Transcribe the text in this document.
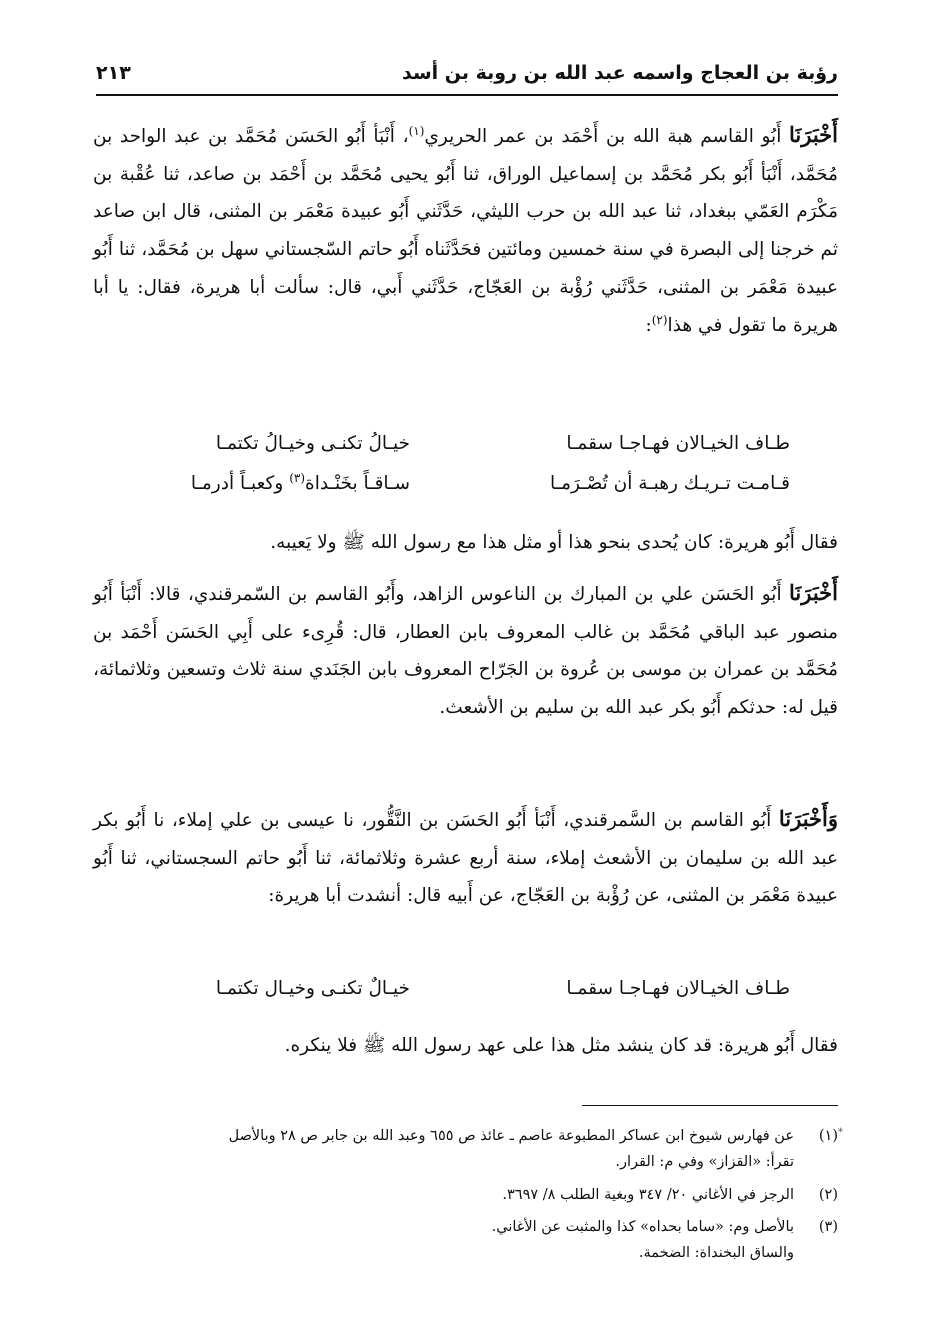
رؤبة بن العجاج واسمه عبد الله بن روبة بن أسد
٢١٣
أَخْبَرَنَا أَبُو القاسم هبة الله بن أَحْمَد بن عمر الحريري$^{(١)}$، أَنْبَأ أَبُو الحَسَن مُحَمَّد بن عبد الواحد بن مُحَمَّد، أَنْبَأ أَبُو بكر مُحَمَّد بن إسماعيل الوراق، ثنا أَبُو يحيى مُحَمَّد بن أَحْمَد بن صاعد، ثنا عُقْبة بن مَكْرَم العَمّي ببغداد، ثنا عبد الله بن حرب الليثي، حَدَّثَني أَبُو عبيدة مَعْمَر بن المثنى، قال ابن صاعد ثم خرجنا إلى البصرة في سنة خمسين ومائتين فحَدَّثَناه أَبُو حاتم السّجستاني سهل بن مُحَمَّد، ثنا أَبُو عبيدة مَعْمَر بن المثنى، حَدَّثَني رُؤْبة بن العَجّاج، حَدَّثَني أَبي، قال: سألت أبا هريرة، فقال: يا أبا هريرة ما تقول في هذا$^{(٢)}$:
طـاف الخيـالان فهـاجـا سقمـا
خيـالُ تكنـى وخيـالُ تكتمـا
قـامـت تـريـك رهبـة أن تُصْـرَمـا
سـاقـاً بخَنْـداة$^{(٣)}$ وكعبـاً أدرمـا
فقال أَبُو هريرة: كان يُحدى بنحو هذا أو مثل هذا مع رسول الله ﷺ ولا يَعيبه.
أَخْبَرَنَا أَبُو الحَسَن علي بن المبارك بن الناعوس الزاهد، وأَبُو القاسم بن السّمرقندي، قالا: أَنْبَأ أَبُو منصور عبد الباقي مُحَمَّد بن غالب المعروف بابن العطار، قال: قُرِىء على أَبِي الحَسَن أَحْمَد بن مُحَمَّد بن عمران بن موسى بن عُروة بن الجَرّاح المعروف بابن الجَنَدي سنة ثلاث وتسعين وثلاثمائة، قيل له: حدثكم أَبُو بكر عبد الله بن سليم بن الأشعث.
وَأَخْبَرَنَا أَبُو القاسم بن السَّمرقندي، أَنْبَأ أَبُو الحَسَن بن النَّقُّور، نا عيسى بن علي إملاء، نا أَبُو بكر عبد الله بن سليمان بن الأشعث إملاء، سنة أربع عشرة وثلاثمائة، ثنا أَبُو حاتم السجستاني، ثنا أَبُو عبيدة مَعْمَر بن المثنى، عن رُؤْبة بن العَجّاج، عن أَبيه قال: أنشدت أبا هريرة:
طـاف الخيـالان فهـاجـا سقمـا
خيـالٌ تكنـى وخيـال تكتمـا
فقال أَبُو هريرة: قد كان ينشد مثل هذا على عهد رسول الله ﷺ فلا ينكره.
*
(١)عن فهارس شيوخ ابن عساكر المطبوعة عاصم ـ عائذ ص ٦٥٥ وعبد الله بن جابر ص ٢٨ وبالأصل
تقرأ: «القزاز» وفي م: القرار.
(٢)الرجز في الأغاني ٢٠/ ٣٤٧ وبغية الطلب ٨/ ٣٦٩٧.
(٣)بالأصل وم: «ساما بحداه» كذا والمثبت عن الأغاني.
والساق البخنداة: الضخمة.
